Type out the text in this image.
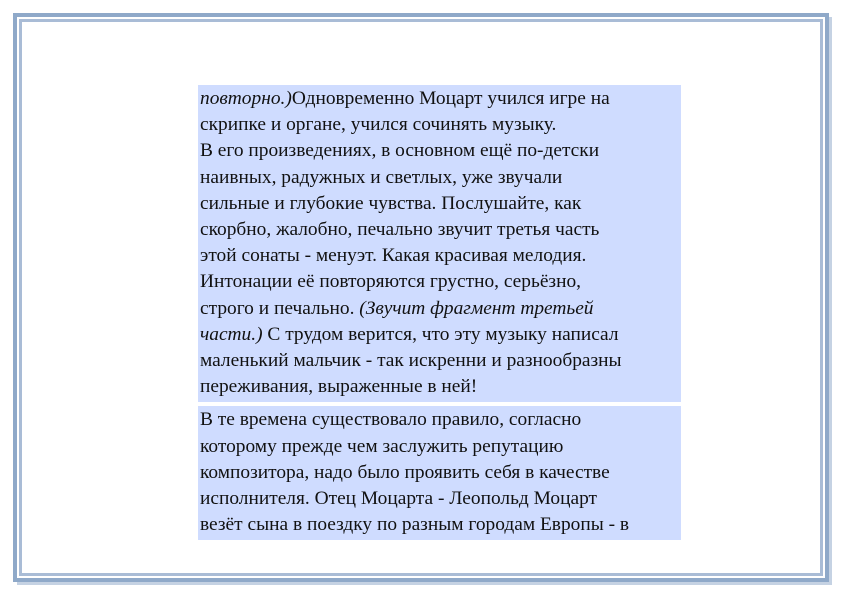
повторно.)Одновременно Моцарт учился игре на
скрипке и органе, учился сочинять музыку.
В его произведениях, в основном ещё по-детски
наивных, радужных и светлых, уже звучали
сильные и глубокие чувства. Послушайте, как
скорбно, жалобно, печально звучит третья часть
этой сонаты - менуэт. Какая красивая мелодия.
Интонации её повторяются грустно, серьёзно,
строго и печально. (Звучит фрагмент третьей
части.) С трудом верится, что эту музыку написал
маленький мальчик - так искренни и разнообразны
переживания, выраженные в ней!
В те времена существовало правило, согласно
которому прежде чем заслужить репутацию
композитора, надо было проявить себя в качестве
исполнителя. Отец Моцарта - Леопольд Моцарт
везёт сына в поездку по разным городам Европы - в
